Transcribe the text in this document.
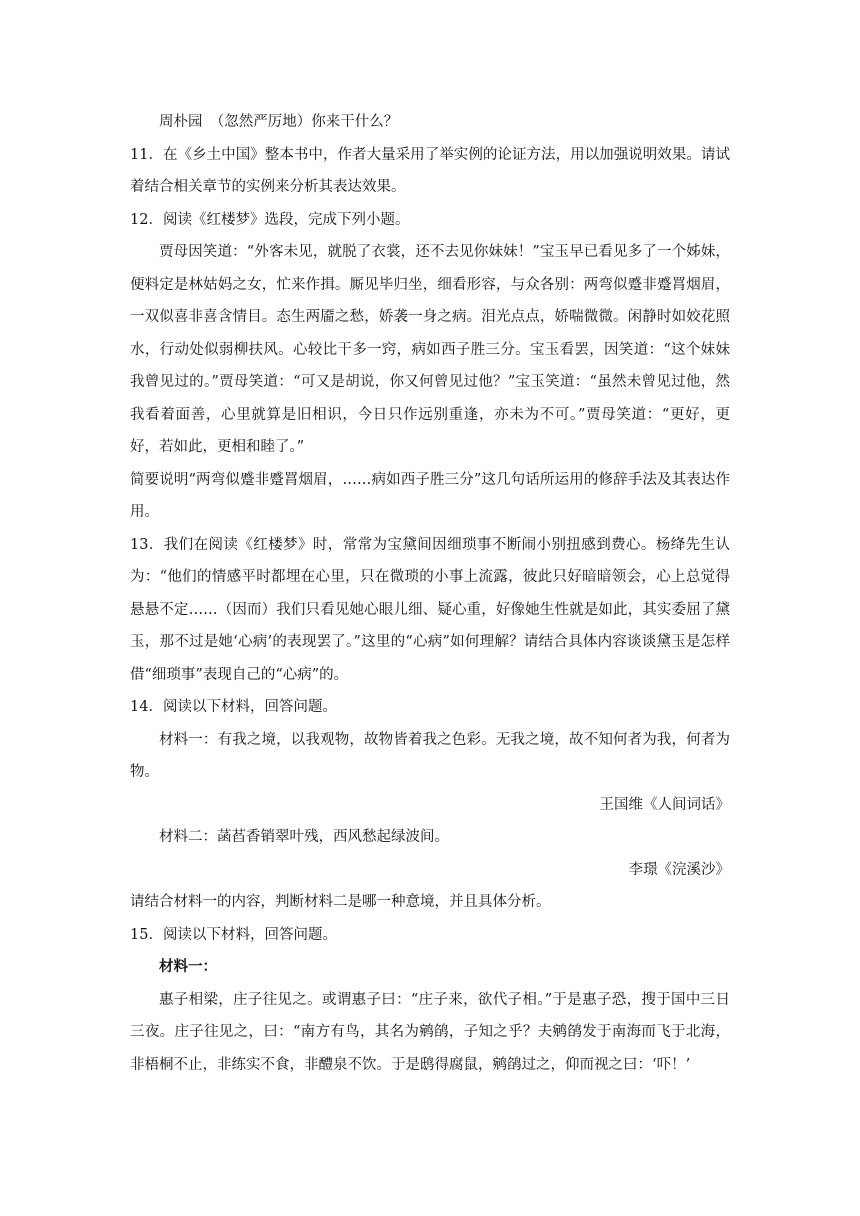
周朴园　（忽然严厉地）你来干什么？

11．在《乡土中国》整本书中，作者大量采用了举实例的论证方法，用以加强说明效果。请试着结合相关章节的实例来分析其表达效果。

12．阅读《红楼梦》选段，完成下列小题。

贾母因笑道：“外客未见，就脱了衣裳，还不去见你妹妹！”宝玉早已看见多了一个姊妹，便料定是林姑妈之女，忙来作揖。厮见毕归坐，细看形容，与众各别：两弯似蹙非蹙罥烟眉，一双似喜非喜含情目。态生两靥之愁，娇袭一身之病。泪光点点，娇喘微微。闲静时如姣花照水，行动处似弱柳扶风。心较比干多一窍，病如西子胜三分。宝玉看罢，因笑道：“这个妹妹我曾见过的。”贾母笑道：“可又是胡说，你又何曾见过他？”宝玉笑道：“虽然未曾见过他，然我看着面善，心里就算是旧相识，今日只作远别重逢，亦未为不可。”贾母笑道：“更好，更好，若如此，更相和睦了。”

简要说明“两弯似蹙非蹙罥烟眉，……病如西子胜三分”这几句话所运用的修辞手法及其表达作用。

13．我们在阅读《红楼梦》时，常常为宝黛间因细琐事不断闹小别扭感到费心。杨绛先生认为：“他们的情感平时都埋在心里，只在微琐的小事上流露，彼此只好暗暗领会，心上总觉得悬悬不定……（因而）我们只看见她心眼儿细、疑心重，好像她生性就是如此，其实委屈了黛玉，那不过是她‘心病’的表现罢了。”这里的“心病”如何理解？请结合具体内容谈谈黛玉是怎样借“细琐事”表现自己的“心病”的。

14．阅读以下材料，回答问题。

材料一：有我之境，以我观物，故物皆着我之色彩。无我之境，故不知何者为我，何者为物。

王国维《人间词话》

材料二：菡萏香销翠叶残，西风愁起绿波间。

李璟《浣溪沙》

请结合材料一的内容，判断材料二是哪一种意境，并且具体分析。

15．阅读以下材料，回答问题。

材料一：

惠子相梁，庄子往见之。或谓惠子曰：“庄子来，欲代子相。”于是惠子恐，搜于国中三日三夜。庄子往见之，曰：“南方有鸟，其名为鹓鹐，子知之乎？夫鹓鹐发于南海而飞于北海，非梧桐不止，非练实不食，非醴泉不饮。于是鸱得腐鼠，鹓鹐过之，仰而视之曰：‘吓！’
